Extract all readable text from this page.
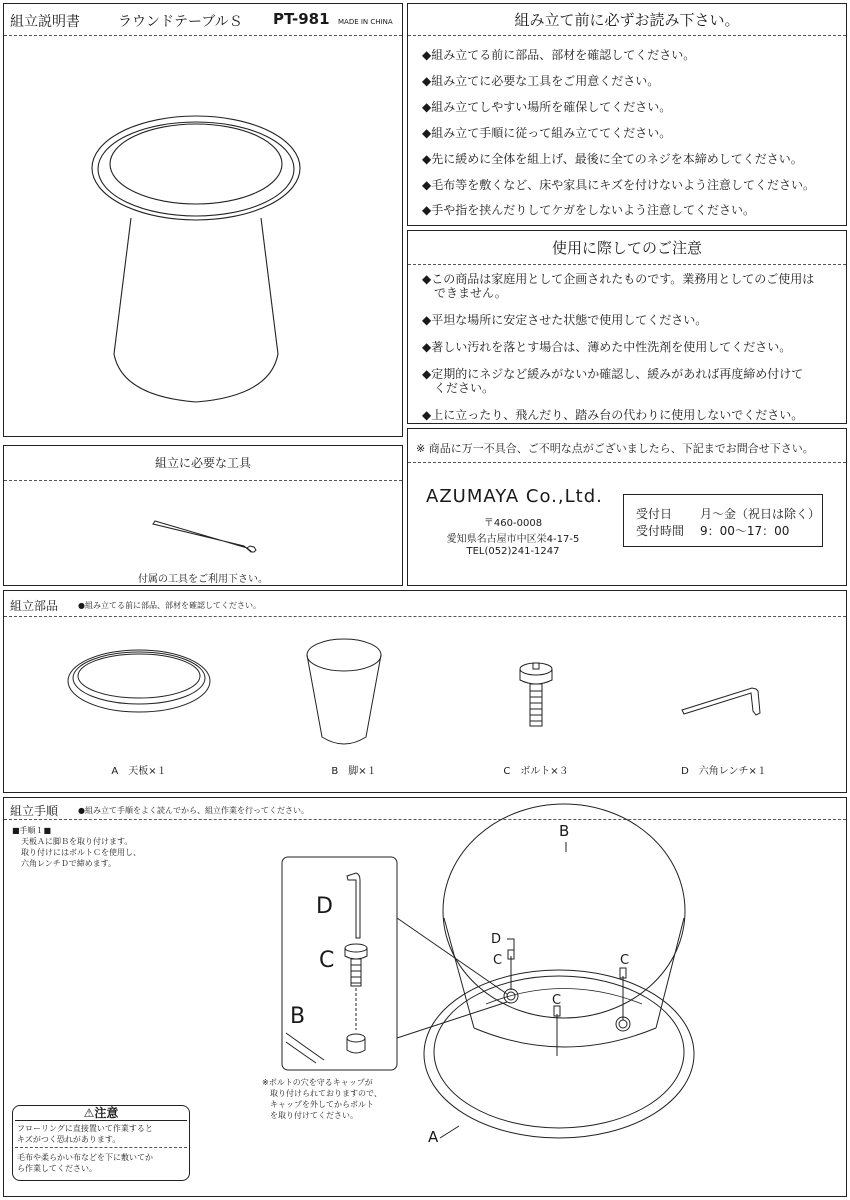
組立説明書	ラウンドテーブルＳ PT-981 MADE IN CHINA	組み立て前に必ずお読み下さい。
◆組み立てる前に部品、部材を確認してください。
◆組み立てに必要な工具をご用意ください。
◆組み立てしやすい場所を確保してください。
◆組み立て手順に従って組み立ててください。
◆先に緩めに全体を組上げ、最後に全てのネジを本締めしてください。
◆毛布等を敷くなど、床や家具にキズを付けないよう注意してください。
◆手や指を挟んだりしてケガをしないよう注意してください。
使用に際してのご注意
◆この商品は家庭用として企画されたものです。業務用としてのご使用は
　できません。
◆平坦な場所に安定させた状態で使用してください。
◆著しい汚れを落とす場合は、薄めた中性洗剤を使用してください。
◆定期的にネジなど緩みがないか確認し、緩みがあれば再度締め付けて
　ください。
◆上に立ったり、飛んだり、踏み台の代わりに使用しないでください。
※ 商品に万一不具合、ご不明な点がございましたら、下記までお問合せ下さい。
AZUMAYA Co.,Ltd.
〒460-0008
愛知県名古屋市中区栄4-17-5
TEL(052)241-1247
受付日 月～金（祝日は除く）
受付時間 9：00～17：00
組立に必要な工具
付属の工具をご利用下さい。
組立部品 ●組み立てる前に部品、部材を確認してください。
A　天板×１	B　脚×１	C　ボルト×３	D　六角レンチ×１
組立手順 ●組み立て手順をよく読んでから、組立作業を行ってください。
■手順１■
天板Ａに脚Ｂを取り付けます。
取り付けにはボルトＣを使用し、
六角レンチＤで締めます。
B
A
D
C
C
C
D
C
B
※ボルトの穴を守るキャップが
　取り付けられておりますので、
　キャップを外してからボルト
　を取り付けてください。
⚠注意
フローリングに直接置いて作業すると
キズがつく恐れがあります。
毛布や柔らかい布などを下に敷いてか
ら作業してください。
